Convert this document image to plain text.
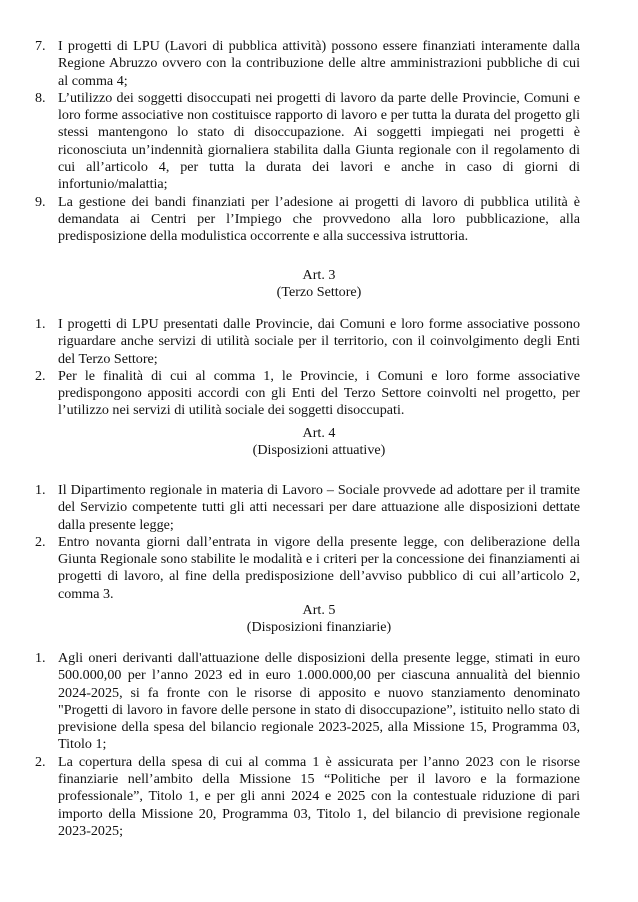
7. I progetti di LPU (Lavori di pubblica attività) possono essere finanziati interamente dalla Regione Abruzzo ovvero con la contribuzione delle altre amministrazioni pubbliche di cui al comma 4;
8. L’utilizzo dei soggetti disoccupati nei progetti di lavoro da parte delle Provincie, Comuni e loro forme associative non costituisce rapporto di lavoro e per tutta la durata del progetto gli stessi mantengono lo stato di disoccupazione. Ai soggetti impiegati nei progetti è riconosciuta un’indennità giornaliera stabilita dalla Giunta regionale con il regolamento di cui all’articolo 4, per tutta la durata dei lavori e anche in caso di giorni di infortunio/malattia;
9. La gestione dei bandi finanziati per l’adesione ai progetti di lavoro di pubblica utilità è demandata ai Centri per l’Impiego che provvedono alla loro pubblicazione, alla predisposizione della modulistica occorrente e alla successiva istruttoria.
Art. 3
(Terzo Settore)
1. I progetti di LPU presentati dalle Provincie, dai Comuni e loro forme associative possono riguardare anche servizi di utilità sociale per il territorio, con il coinvolgimento degli Enti del Terzo Settore;
2. Per le finalità di cui al comma 1, le Provincie, i Comuni e loro forme associative predispongono appositi accordi con gli Enti del Terzo Settore coinvolti nel progetto, per l’utilizzo nei servizi di utilità sociale dei soggetti disoccupati.
Art. 4
(Disposizioni attuative)
1. Il Dipartimento regionale in materia di Lavoro – Sociale provvede ad adottare per il tramite del Servizio competente tutti gli atti necessari per dare attuazione alle disposizioni dettate dalla presente legge;
2. Entro novanta giorni dall’entrata in vigore della presente legge, con deliberazione della Giunta Regionale sono stabilite le modalità e i criteri per la concessione dei finanziamenti ai progetti di lavoro, al fine della predisposizione dell’avviso pubblico di cui all’articolo 2, comma 3.
Art. 5
(Disposizioni finanziarie)
1. Agli oneri derivanti dall'attuazione delle disposizioni della presente legge, stimati in euro 500.000,00 per l’anno 2023 ed in euro 1.000.000,00 per ciascuna annualità del biennio 2024-2025, si fa fronte con le risorse di apposito e nuovo stanziamento denominato "Progetti di lavoro in favore delle persone in stato di disoccupazione”, istituito nello stato di previsione della spesa del bilancio regionale 2023-2025, alla Missione 15, Programma 03, Titolo 1;
2. La copertura della spesa di cui al comma 1 è assicurata per l’anno 2023 con le risorse finanziarie nell’ambito della Missione 15 “Politiche per il lavoro e la formazione professionale”, Titolo 1, e per gli anni 2024 e 2025 con la contestuale riduzione di pari importo della Missione 20, Programma 03, Titolo 1, del bilancio di previsione regionale 2023-2025;
